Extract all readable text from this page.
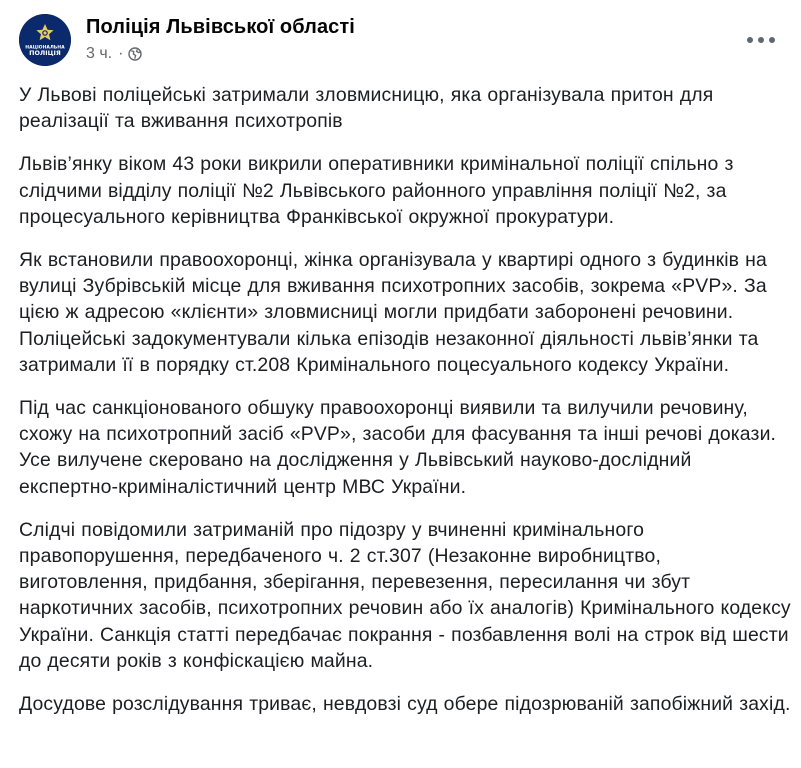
НАЦІОНАЛЬНА
ПОЛІЦІЯ
Поліція Львівської області
3 ч. ·

У Львові поліцейські затримали зловмисницю, яка організувала притон для реалізації та вживання психотропів

Львів’янку віком 43 роки викрили оперативники кримінальної поліції спільно з слідчими відділу поліції №2 Львівського районного управління поліції №2, за процесуального керівництва Франківської окружної прокуратури.

Як встановили правоохоронці, жінка організувала у квартирі одного з будинків на вулиці Зубрівській місце для вживання психотропних засобів, зокрема «PVP». За цією ж адресою «клієнти» зловмисниці могли придбати заборонені речовини.

Поліцейські задокументували кілька епізодів незаконної діяльності львів’янки та затримали її в порядку ст.208 Кримінального поцесуального кодексу України.

Під час санкціонованого обшуку правоохоронці виявили та вилучили речовину, схожу на психотропний засіб «PVP», засоби для фасування та інші речові докази. Усе вилучене скеровано на дослідження у Львівський науково-дослідний експертно-криміналістичний центр МВС України.

Слідчі повідомили затриманій про підозру у вчиненні кримінального правопорушення, передбаченого ч. 2 ст.307 (Незаконне виробництво, виготовлення, придбання, зберігання, перевезення, пересилання чи збут наркотичних засобів, психотропних речовин або їх аналогів) Кримінального кодексу України. Санкція статті передбачає покрання - позбавлення волі на строк від шести до десяти років з конфіскацією майна.

Досудове розслідування триває, невдовзі суд обере підозрюваній запобіжний захід.
